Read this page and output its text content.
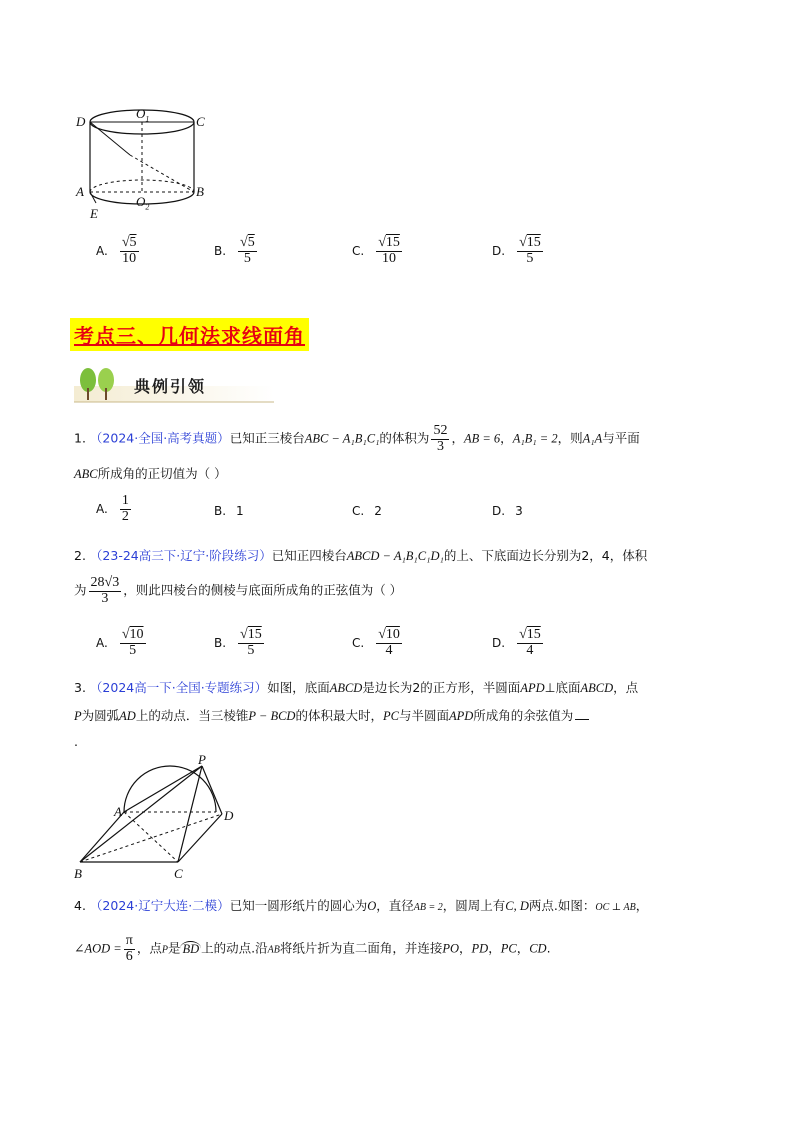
D
$O_1$	C
A
$O_2$
B
E
A. √ $\frac{5}{10}$	B. √ $\frac{5}{5}$	C. √ $\frac{15}{10}$	D. √ $\frac{15}{5}$
考点三、几何法求线面角
典例引领
1. （2024·全国·高考真题）已知正三棱台ABC − A₁B₁C₁的体积为 $\frac{52}{3}$ ，AB = 6，A₁B₁ = 2，则A₁A与平面
ABC所成角的正切值为（ ）
A. $\frac{1}{2}$	B. 1	C. 2	D. 3
2. （23-24高三下·辽宁·阶段练习）已知正四棱台ABCD − A₁B₁C₁D₁的上、下底面边长分别为2，4，体积
为 $\frac{28√3}{3}$ ，则此四棱台的侧棱与底面所成角的正弦值为（ ）
A. √ $\frac{10}{5}$	B. √ $\frac{15}{5}$	C. √ $\frac{10}{4}$	D. √ $\frac{15}{4}$
3. （2024高一下·全国·专题练习）如图，底面ABCD是边长为2的正方形，半圆面APD⊥底面ABCD，点
P为圆弧AD上的动点．当三棱锥P − BCD的体积最大时，PC与半圆面APD所成角的余弦值为
.
P
A	D
B	C
4. （2024·辽宁大连·二模）已知一圆形纸片的圆心为O，直径AB = 2，圆周上有C, D两点.如图：OC ⊥ AB，
∠AOD = $\frac{\pi}{6}$ ，点P是 BD 上的动点.沿AB将纸片折为直二面角，并连接PO，PD，PC，CD.
